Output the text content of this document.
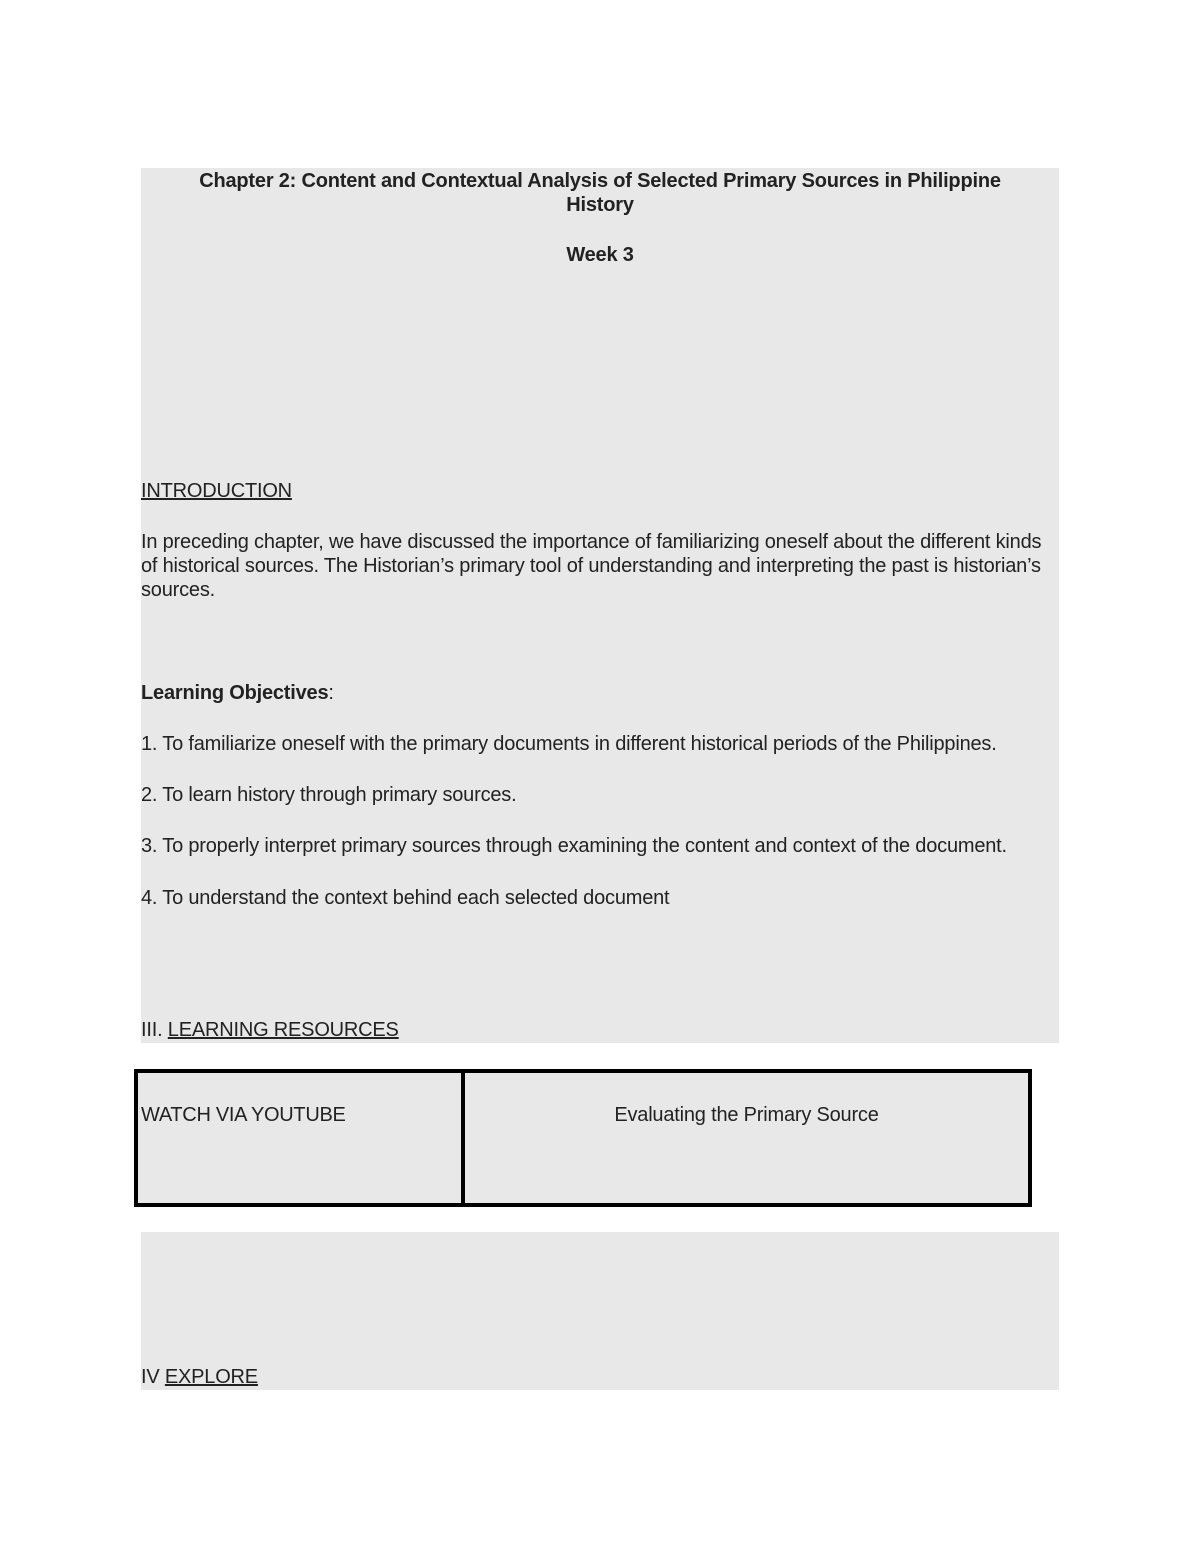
Chapter 2: Content and Contextual Analysis of Selected Primary Sources in Philippine History
Week 3
INTRODUCTION
In preceding chapter, we have discussed the importance of familiarizing oneself about the different kinds of historical sources. The Historian’s primary tool of understanding and interpreting the past is historian’s sources.
Learning Objectives:
1. To familiarize oneself with the primary documents in different historical periods of the Philippines.
2. To learn history through primary sources.
3. To properly interpret primary sources through examining the content and context of the document.
4. To understand the context behind each selected document
III. LEARNING RESOURCES
WATCH VIA YOUTUBE	Evaluating the Primary Source
IV EXPLORE
